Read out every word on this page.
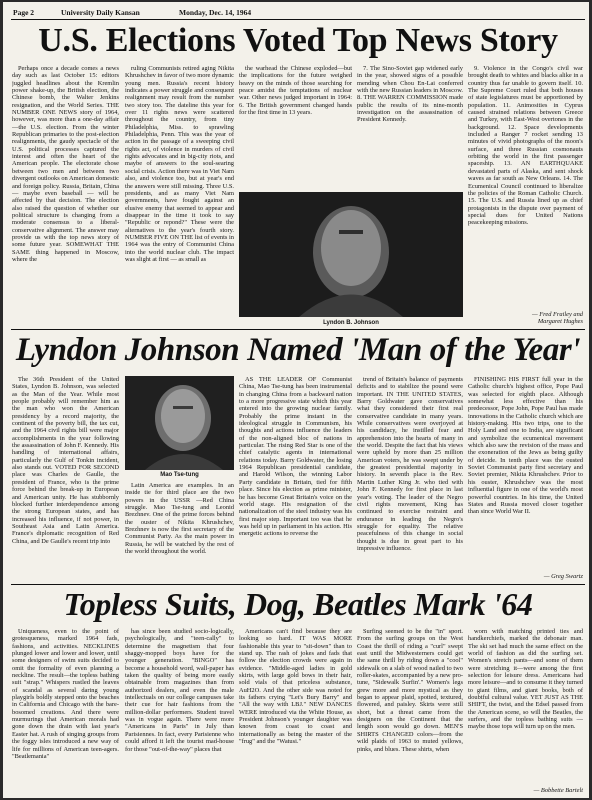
Page 2	University Daily Kansan	Monday, Dec. 14, 1964
U.S. Elections Voted Top News Story

Perhaps once a decade comes a news day such as last October 15: editors juggled headlines about the Kremlin power shake-up, the British election, the Chinese bomb, the Walter Jenkins resignation, and the World Series. THE NUMBER ONE NEWS story of 1964, however, was more than a one-day affair—the U.S. election. From the winter Republican primaries to the post-election realignments, the gaudy spectacle of the U.S. political processes captured the interest and often the heart of the American people. The electorate chose between two men and between two divergent outlooks on American domestic and foreign policy. Russia, Britain, China — maybe even baseball — will be affected by that decision. The election also raised the question of whether our political structure is changing from a moderate consensus to a liberal-conservative alignment. The answer may provide us with the top news story of some future year. SOMEWHAT THE SAME thing happened in Moscow, where the

ruling Communists retired aging Nikita Khrushchev in favor of two more dynamic young men. Russia's recent history indicates a power struggle and consequent realignment may result from the number two story too. The dateline this year for over 11 rights news were scattered throughout the country, from tiny Philadelphia, Miss. to sprawling Philadelphia, Penn. This was the year of action in the passage of a sweeping civil rights act, of violence in murders of civil rights advocates and in big-city riots, and maybe of answers to the soul-searing social crisis. Action there was in Viet Nam also, and violence too, but at year's end the answers were still missing. Three U.S. presidents, and as many Viet Nam governments, have fought against an elusive enemy that seemed to appear and disappear in the time it took to say "Republic or repond?" These were the alternatives to the year's fourth story. NUMBER FIVE ON THE list of events in 1964 was the entry of Communist China into the world nuclear club. The impact was slight at first — as small as

the warhead the Chinese exploded—but the implications for the future weighed heavy on the minds of those searching for peace amidst the temptations of nuclear war. Other news judged important in 1964: 6. The British government changed hands for the first time in 13 years.

7. The Sino-Soviet gap widened early in the year, showed signs of a possible mending when Chou En-Lai conferred with the new Russian leaders in Moscow. 8. THE WARREN COMMISSION made public the results of its nine-month investigation on the assassination of President Kennedy.

Lyndon B. Johnson

9. Violence in the Congo's civil war brought death to whites and blacks alike in a country thus far unable to govern itself. 10. The Supreme Court ruled that both houses of state legislatures must be apportioned by population. 11. Animosities in Cyprus caused strained relations between Greece and Turkey, with East-West overtones in the background. 12. Space developments included a Ranger 7 rocket sending 13 minutes of vivid photographs of the moon's surface, and three Russian cosmonauts orbiting the world in the first passenger spaceship. 13. AN EARTHQUAKE devastated parts of Alaska, and sent shock waves as far south as New Orleans. 14. The Ecumenical Council continued to liberalize the policies of the Roman Catholic Church. 15. The U.S. and Russia lined up as chief protagonists in the dispute over payment of special dues for United Nations peacekeeping missions.

— Fred Frailey and
Margaret Hughes
Lyndon Johnson Named 'Man of the Year'

The 36th President of the United States, Lyndon B. Johnson, was selected as the Man of the Year. While most people probably will remember him as the man who won the American presidency by a record majority, the continent of the poverty bill, the tax cut, and the 1964 civil rights bill were major accomplishments in the year following the assassination of John F. Kennedy. His handling of international affairs, particularly the Gulf of Tonkin incident, also stands out. VOTED FOR SECOND place was Charles de Gaulle, the president of France, who is the prime force behind the break-up in European and American unity. He has stubbornly blocked further interdependence among the strong European states, and has increased his influence, if not power, in Southeast Asia and Latin America. France's diplomatic recognition of Red China, and De Gaulle's recent trip into

Mao Tse-tung

Latin America are examples. In an inside tie for third place are the two powers in the USSR —Red China struggle. Mao Tse-tung and Leonid Brezhnev. One of the prime forces behind the ouster of Nikita Khrushchev, Brezhnev is now the first secretary of the Communist Party. As the main power in Russia, he will be watched by the rest of the world throughout the world.

AS THE LEADER OF Communist China, Mao Tse-tung has been instrumental in changing China from a backward nation to a more progressive state which this year entered into the growing nuclear family. Probably the prime instant in the ideological struggle in Communism, his thoughts and actions influence the leaders of the non-aligned bloc of nations in particular. The rising Red Star is one of the chief catalytic agents in international relations today. Barry Goldwater, the losing 1964 Republican presidential candidate, and Harold Wilson, the winning Labor Party candidate in Britain, tied for fifth place. Since his election as prime minister, he has become Great Britain's voice on the world stage. His resignation of the nationalization of the steel industry was his first major step. Important too was that he was held up in parliament in his action. His energetic actions to reverse the

trend of Britain's balance of payments deficits and to stabilize the pound were important. IN THE UNITED STATES, Barry Goldwater gave conservatives what they considered their first real conservative candidate in many years. While conservatives were overjoyed at his candidacy, he instilled fear and apprehension into the hearts of many in the world. Despite the fact that his views were upheld by more than 25 million American voters, he was swept under by the greatest presidential majority in history. In seventh place is the Rev. Martin Luther King Jr. who tied with John F. Kennedy for first place in last year's voting. The leader of the Negro civil rights movement, King has continued to exercise restraint and endurance in leading the Negro's struggle for equality. The relative peacefulness of this change in social thought is due in great part to his impressive influence.

FINISHING HIS FIRST full year in the Catholic church's highest office, Pope Paul was selected for eighth place. Although somewhat less effective than his predecessor, Pope John, Pope Paul has made innovations in the Catholic church which are history-making. His two trips, one to the Holy Land and one to India, are significant and symbolize the ecumenical movement which also saw the revision of the mass and the exoneration of the Jews as being guilty of deicide. In tenth place was the ousted Soviet Communist party first secretary and Soviet premier, Nikita Khrushchev. Prior to his ouster, Khrushchev was the most influential figure in one of the world's most powerful countries. In his time, the United States and Russia moved closer together than since World War II.

— Greg Swartz
Topless Suits, Dog, Beatles Mark '64

Uniqueness, even to the point of grotesqueness, marked 1964 fads, fashions, and activities. NECKLINES plunged lower and lower and lower, until some designers of swim suits decided to omit the formality of even planning a neckline. The result—the topless bathing suit "strap." Whispers rustled the leaves of scandal as several daring young playgirls boldly stepped onto the beaches in California and Chicago with the bare-bosomed creations. And there were murmurings that American morals had gone down the drain with last year's Easter hat. A rush of singing groups from the foggy isles introduced a new way of life for millions of American teen-agers. "Beatlemania"

has since been studied socio-logically, psychologically, and "teen-cally" to determine the magnetism that four shaggy-mopped boys have for the younger generation. "BINGO" has become a household word, wall-paper has taken the quality of being more easily obtainable from magazines than from authorized dealers, and even the male intellectuals on our college campuses take their cue for hair fashions from the million-dollar performers. Student travel was in vogue again. There were more "Americans in Paris" in July than Parisiennes. In fact, every Parisienne who could afford it left the tourist mad-house for those "out-of-the-way" places that

Americans can't find because they are looking so hard. IT WAS MORE fashionable this year to "sit-down" than to stand up. The rash of jokes and fads that follow the election crowds were again in evidence. "Middle-aged ladies in gold skirts, with large gold bows in their hair, sold vials of that priceless substance, AuH2O. And the other side was noted for its fathers crying "Let's Bury Barry" and "All the way with LBJ." NEW DANCES WERE introduced via the White House, as President Johnson's younger daughter was known from coast to coast and internationally as being the master of the "frug" and the "Watusi."

Surfing seemed to be the "in" sport. From the surfing groups on the West Coast the thrill of riding a "curl" swept east until the Midwesterners could get the same thrill by riding down a "cool" sidewalk on a slab of wood nailed to two roller-skates, accompanied by a new pro-tune, "Sidewalk Surfin'." Women's legs grew more and more mystical as they began to appear plaid, spotted, textured, flowered, and paisley. Skirts were still short, but a threat came from the designers on the Continent that the length soon would go down. MEN'S SHIRTS CHANGED colors—from the wild plaids of 1963 to muted yellows, pinks, and blues. These shirts, when

worn with matching printed ties and handkerchiefs, marked the debonair man. The ski set had much the same effect on the world of fashion as did the surfing set. Women's stretch pants—and some of them were stretching it—were among the first selection for leisure dress. Americans had more leisure—and to consume it they turned to giant films, and giant books, both of doubtful cultural value. YET JUST AS THE SHIFT, the twist, and the Edsel passed from the American scene, so will the Beatles, the surfers, and the topless bathing suits — maybe those tops will turn up on the men.

— Bobbette Bartelt
